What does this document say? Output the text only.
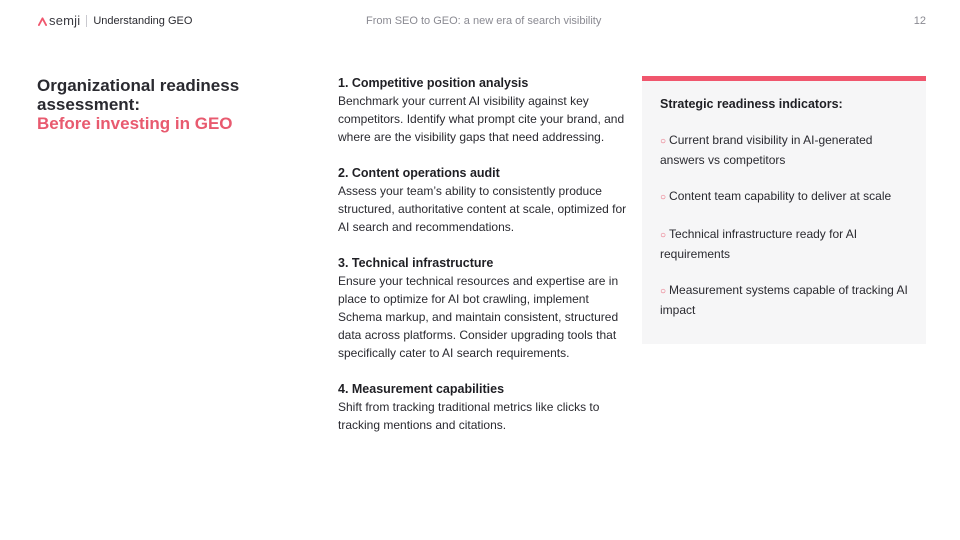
semji Understanding GEO	From SEO to GEO: a new era of search visibility	12
Organizational readiness
assessment:
Before investing in GEO
1. Competitive position analysis
Benchmark your current AI visibility against key competitors. Identify what prompt cite your brand, and where are the visibility gaps that need addressing.
2. Content operations audit
Assess your team’s ability to consistently produce structured, authoritative content at scale, optimized for AI search and recommendations.
3. Technical infrastructure
Ensure your technical resources and expertise are in place to optimize for AI bot crawling, implement Schema markup, and maintain consistent, structured data across platforms. Consider upgrading tools that specifically cater to AI search requirements.
4. Measurement capabilities
Shift from tracking traditional metrics like clicks to tracking mentions and citations.
Strategic readiness indicators:
○ Current brand visibility in AI-generated answers vs competitors
○ Content team capability to deliver at scale
○ Technical infrastructure ready for AI requirements
○ Measurement systems capable of tracking AI impact
